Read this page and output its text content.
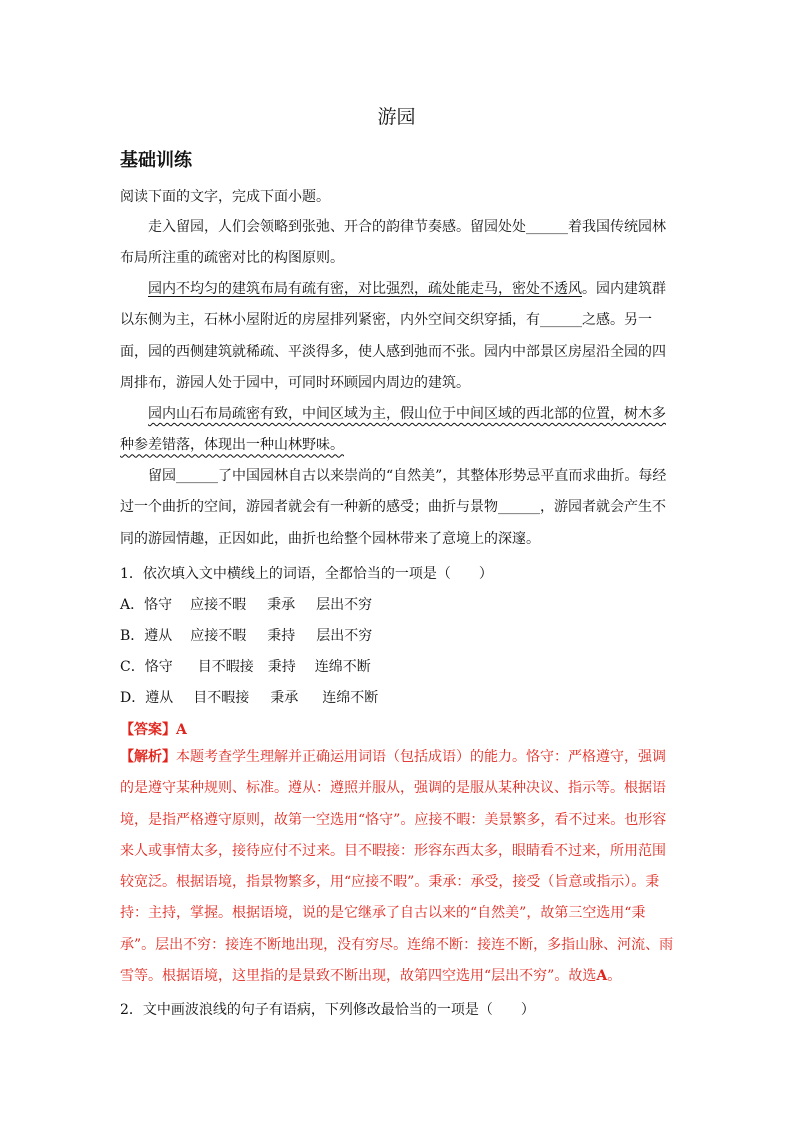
游园
基础训练
阅读下面的文字，完成下面小题。

走入留园，人们会领略到张弛、开合的韵律节奏感。留园处处______着我国传统园林布局所注重的疏密对比的构图原则。

园内不均匀的建筑布局有疏有密，对比强烈，疏处能走马，密处不透风。园内建筑群以东侧为主，石林小屋附近的房屋排列紧密，内外空间交织穿插，有______之感。另一面，园的西侧建筑就稀疏、平淡得多，使人感到弛而不张。园内中部景区房屋沿全园的四周排布，游园人处于园中，可同时环顾园内周边的建筑。

园内山石布局疏密有致，中间区域为主，假山位于中间区域的西北部的位置，树木多种参差错落，体现出一种山林野味。

留园______了中国园林自古以来崇尚的“自然美”，其整体形势忌平直而求曲折。每经过一个曲折的空间，游园者就会有一种新的感受；曲折与景物______，游园者就会产生不同的游园情趣，正因如此，曲折也给整个园林带来了意境上的深邃。

1．依次填入文中横线上的词语，全都恰当的一项是（　　）
A．恪守 应接不暇 秉承 层出不穷
B．遵从 应接不暇 秉持 层出不穷
C．恪守 目不暇接 秉持 连绵不断
D．遵从 目不暇接 秉承 连绵不断
【答案】A

【解析】本题考查学生理解并正确运用词语（包括成语）的能力。恪守：严格遵守，强调的是遵守某种规则、标准。遵从：遵照并服从，强调的是服从某种决议、指示等。根据语境，是指严格遵守原则，故第一空选用“恪守”。应接不暇：美景繁多，看不过来。也形容来人或事情太多，接待应付不过来。目不暇接：形容东西太多，眼睛看不过来，所用范围较宽泛。根据语境，指景物繁多，用“应接不暇”。秉承：承受，接受（旨意或指示）。秉持：主持，掌握。根据语境，说的是它继承了自古以来的“自然美”，故第三空选用“秉承”。层出不穷：接连不断地出现，没有穷尽。连绵不断：接连不断，多指山脉、河流、雨雪等。根据语境，这里指的是景致不断出现，故第四空选用“层出不穷”。故选A。

2．文中画波浪线的句子有语病，下列修改最恰当的一项是（　　）
